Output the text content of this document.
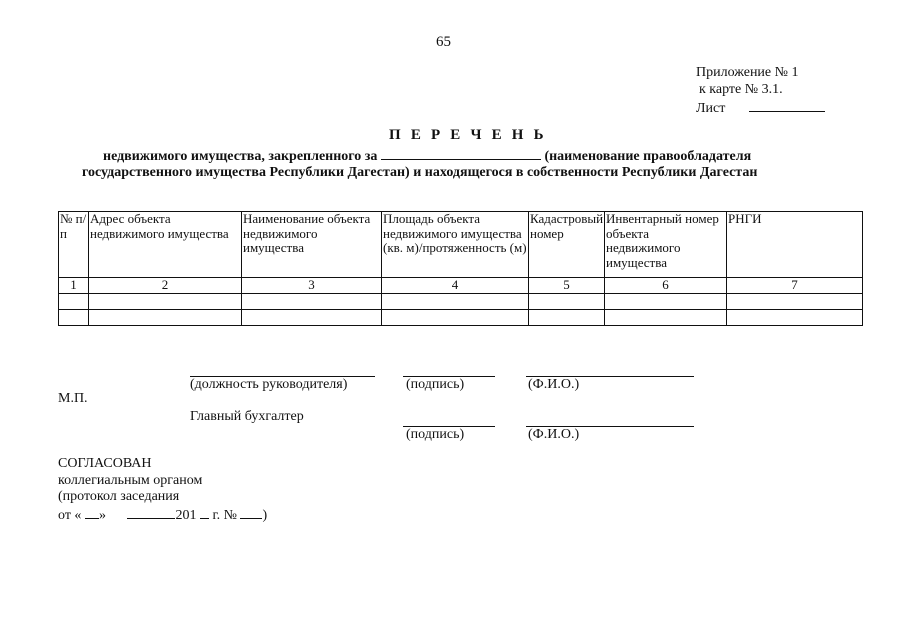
65
Приложение № 1
к карте № 3.1.
Лист
П Е Р Е Ч Е Н Ь
недвижимого имущества, закрепленного за	(наименование правообладателя
государственного имущества Республики Дагестан) и находящегося в собственности Республики Дагестан
№ п/п	Адрес объекта недвижимого имущества	Наименование объекта недвижимого имущества	Площадь объекта недвижимого имущества (кв. м)/протяженность (м)	Кадастровый номер	Инвентарный номер объекта недвижимого имущества	РНГИ
1	2	3	4	5	6	7

(должность руководителя)	(подпись)	(Ф.И.О.)
М.П.
Главный бухгалтер
(подпись)	(Ф.И.О.)
СОГЛАСОВАН
коллегиальным органом
(протокол заседания
от « »	201 г. № )
